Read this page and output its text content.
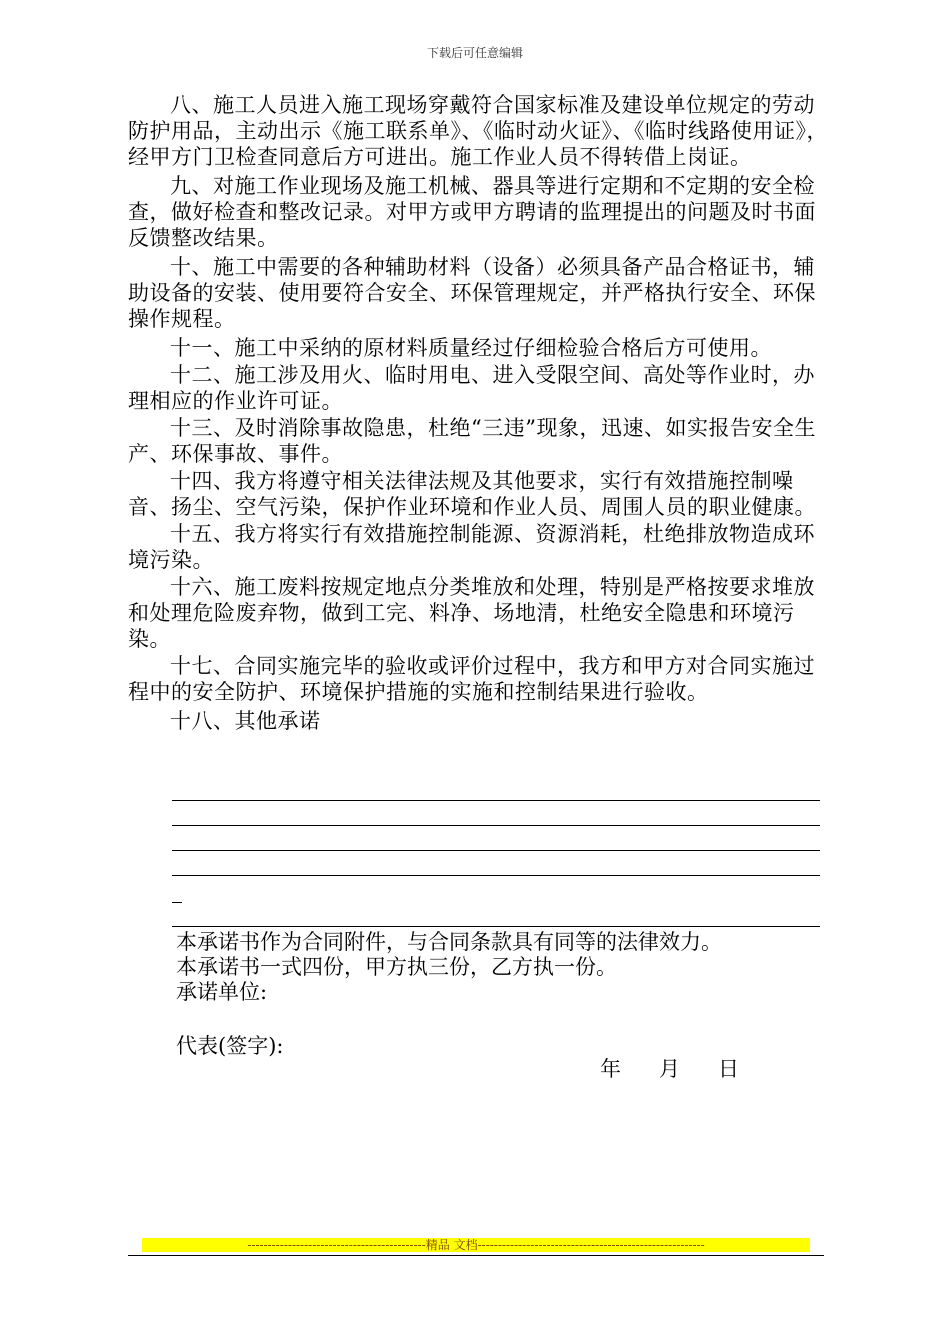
下载后可任意编辑

八、施工人员进入施工现场穿戴符合国家标准及建设单位规定的劳动防护用品，主动出示《施工联系单》、《临时动火证》、《临时线路使用证》，经甲方门卫检查同意后方可进出。施工作业人员不得转借上岗证。

九、对施工作业现场及施工机械、器具等进行定期和不定期的安全检查，做好检查和整改记录。对甲方或甲方聘请的监理提出的问题及时书面反馈整改结果。

十、施工中需要的各种辅助材料（设备）必须具备产品合格证书，辅助设备的安装、使用要符合安全、环保管理规定，并严格执行安全、环保操作规程。

十一、施工中采纳的原材料质量经过仔细检验合格后方可使用。

十二、施工涉及用火、临时用电、进入受限空间、高处等作业时，办理相应的作业许可证。

十三、及时消除事故隐患，杜绝“三违”现象，迅速、如实报告安全生产、环保事故、事件。

十四、我方将遵守相关法律法规及其他要求，实行有效措施控制噪音、扬尘、空气污染，保护作业环境和作业人员、周围人员的职业健康。

十五、我方将实行有效措施控制能源、资源消耗，杜绝排放物造成环境污染。

十六、施工废料按规定地点分类堆放和处理，特别是严格按要求堆放和处理危险废弃物，做到工完、料净、场地清，杜绝安全隐患和环境污染。

十七、合同实施完毕的验收或评价过程中，我方和甲方对合同实施过程中的安全防护、环境保护措施的实施和控制结果进行验收。

十八、其他承诺

本承诺书作为合同附件，与合同条款具有同等的法律效力。

本承诺书一式四份，甲方执三份，乙方执一份。

承诺单位:

代表(签字):
年 月 日
--------------------------------------------精品 文档--------------------------------------------------------
